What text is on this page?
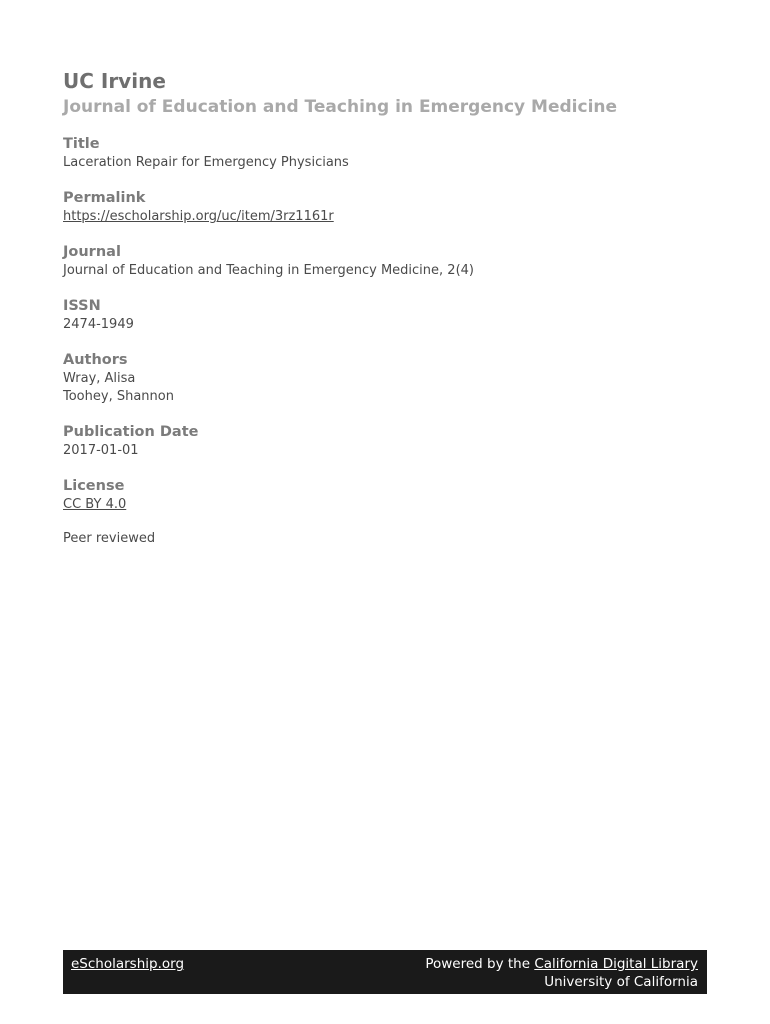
UC Irvine

Journal of Education and Teaching in Emergency Medicine

Title

Laceration Repair for Emergency Physicians

Permalink

https://escholarship.org/uc/item/3rz1161r

Journal

Journal of Education and Teaching in Emergency Medicine, 2(4)

ISSN

2474-1949

Authors

Wray, Alisa

Toohey, Shannon

Publication Date

2017-01-01

License

CC BY 4.0

Peer reviewed

eScholarship.org	Powered by the California Digital Library
University of California
